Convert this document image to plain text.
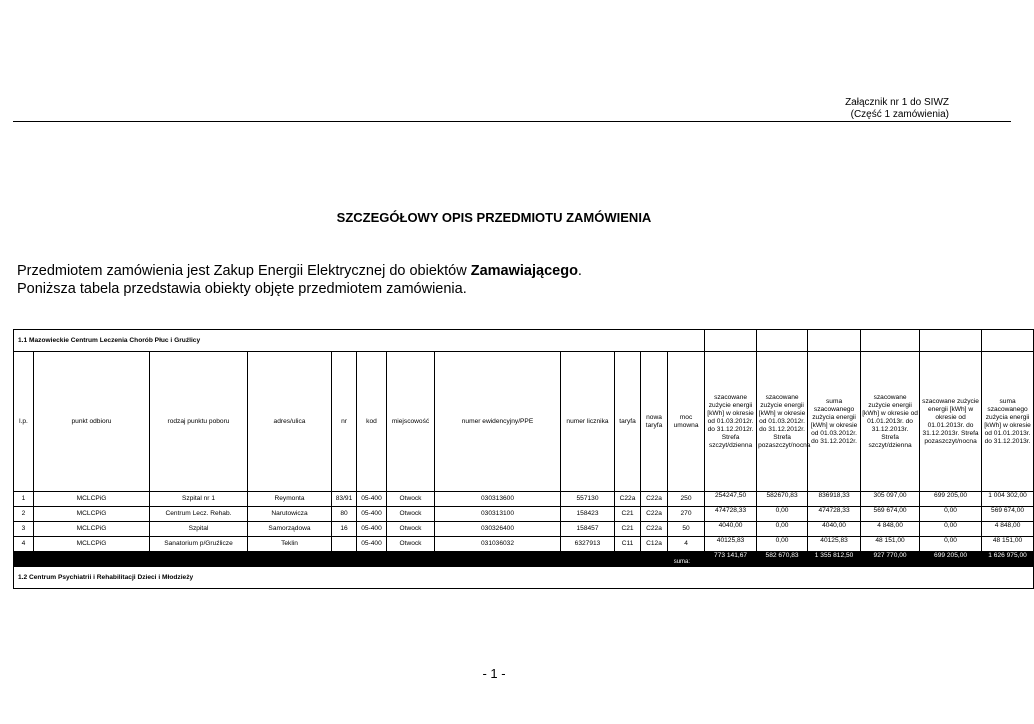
Załącznik nr 1 do SIWZ
(Część 1 zamówienia)
SZCZEGÓŁOWY OPIS PRZEDMIOTU ZAMÓWIENIA
Przedmiotem zamówienia jest Zakup Energii Elektrycznej do obiektów Zamawiającego.
Poniższa tabela przedstawia obiekty objęte przedmiotem zamówienia.
1.1 Mazowieckie Centrum Leczenia Chorób Płuc i Gruźlicy																	
l.p.	punkt odbioru	rodzaj punktu poboru	adres/ulica	nr	kod	miejscowość	numer ewidencyjny/PPE	numer licznika	taryfa	nowa taryfa	moc umowna	szacowane zużycie energii [kWh] w okresie od 01.03.2012r. do 31.12.2012r. Strefa szczyt/dzienna	szacowane zużycie energii [kWh] w okresie od 01.03.2012r. do 31.12.2012r. Strefa pozaszczyt/nocna	suma szacowanego zużycia energii [kWh] w okresie od 01.03.2012r. do 31.12.2012r.	szacowane zużycie energii [kWh] w okresie od 01.01.2013r. do 31.12.2013r. Strefa szczyt/dzienna	szacowane zużycie energii [kWh] w okresie od 01.01.2013r. do 31.12.2013r. Strefa pozaszczyt/nocna	suma szacowanego zużycia energii [kWh] w okresie od 01.01.2013r. do 31.12.2013r.
1	MCLCPiG	Szpital nr 1	Reymonta	83/91	05-400	Otwock	030313600	557130	C22a	C22a	250	254247,50	582670,83	836918,33	305 097,00	699 205,00	1 004 302,00
2	MCLCPiG	Centrum Lecz. Rehab.	Narutowicza	80	05-400	Otwock	030313100	158423	C21	C22a	270	474728,33	0,00	474728,33	569 674,00	0,00	569 674,00
3	MCLCPiG	Szpital	Samorządowa	16	05-400	Otwock	030326400	158457	C21	C22a	50	4040,00	0,00	4040,00	4 848,00	0,00	4 848,00
4	MCLCPiG	Sanatorium p/Gruźlicze	Teklin		05-400	Otwock	031036032	6327913	C11	C12a	4	40125,83	0,00	40125,83	48 151,00	0,00	48 151,00
suma:												773 141,67	582 670,83	1 355 812,50	927 770,00	699 205,00	1 626 975,00
1.2 Centrum Psychiatrii i Rehabilitacji Dzieci i Młodzieży																	
- 1 -
